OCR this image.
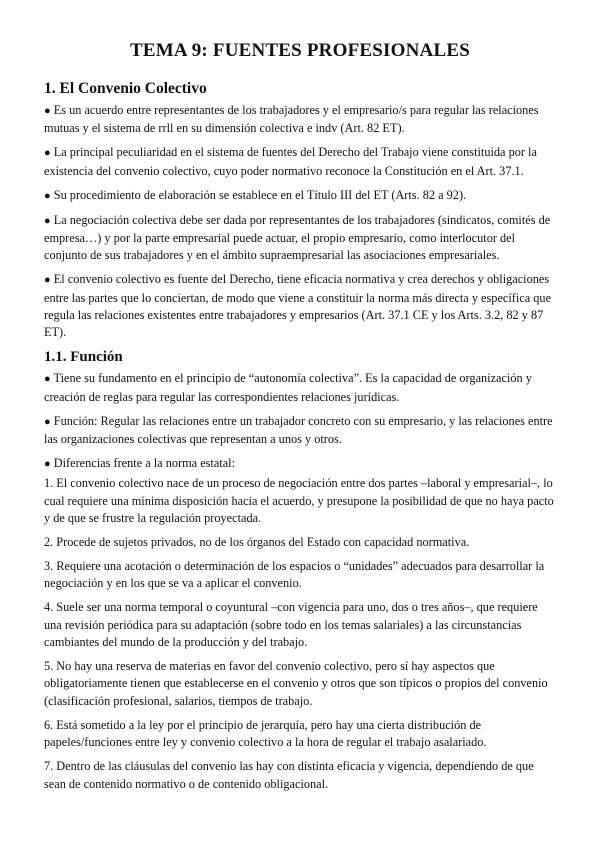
TEMA 9: FUENTES PROFESIONALES
1. El Convenio Colectivo

● Es un acuerdo entre representantes de los trabajadores y el empresario/s para regular las relaciones mutuas y el sistema de rrll en su dimensión colectiva e indv (Art. 82 ET).

● La principal peculiaridad en el sistema de fuentes del Derecho del Trabajo viene constituida por la existencia del convenio colectivo, cuyo poder normativo reconoce la Constitución en el Art. 37.1.

● Su procedimiento de elaboración se establece en el Título III del ET (Arts. 82 a 92).

● La negociación colectiva debe ser dada por representantes de los trabajadores (sindicatos, comités de empresa…) y por la parte empresarial puede actuar, el propio empresario, como interlocutor del conjunto de sus trabajadores y en el ámbito supraempresarial las asociaciones empresariales.

● El convenio colectivo es fuente del Derecho, tiene eficacia normativa y crea derechos y obligaciones entre las partes que lo conciertan, de modo que viene a constituir la norma más directa y específica que regula las relaciones existentes entre trabajadores y empresarios (Art. 37.1 CE y los Arts. 3.2, 82 y 87 ET).

1.1. Función

● Tiene su fundamento en el principio de “autonomía colectiva”. Es la capacidad de organización y creación de reglas para regular las correspondientes relaciones jurídicas.

● Función: Regular las relaciones entre un trabajador concreto con su empresario, y las relaciones entre las organizaciones colectivas que representan a unos y otros.

● Diferencias frente a la norma estatal:

1. El convenio colectivo nace de un proceso de negociación entre dos partes –laboral y empresarial–, lo cual requiere una mínima disposición hacia el acuerdo, y presupone la posibilidad de que no haya pacto y de que se frustre la regulación proyectada.

2. Procede de sujetos privados, no de los órganos del Estado con capacidad normativa.

3. Requiere una acotación o determinación de los espacios o “unidades” adecuados para desarrollar la negociación y en los que se va a aplicar el convenio.

4. Suele ser una norma temporal o coyuntural –con vigencia para uno, dos o tres años–, que requiere una revisión periódica para su adaptación (sobre todo en los temas salariales) a las circunstancias cambiantes del mundo de la producción y del trabajo.

5. No hay una reserva de materias en favor del convenio colectivo, pero sí hay aspectos que obligatoriamente tienen que establecerse en el convenio y otros que son típicos o propios del convenio (clasificación profesional, salarios, tiempos de trabajo.

6. Está sometido a la ley por el principio de jerarquía, pero hay una cierta distribución de papeles/funciones entre ley y convenio colectivo a la hora de regular el trabajo asalariado.

7. Dentro de las cláusulas del convenio las hay con distinta eficacia y vigencia, dependiendo de que sean de contenido normativo o de contenido obligacional.
